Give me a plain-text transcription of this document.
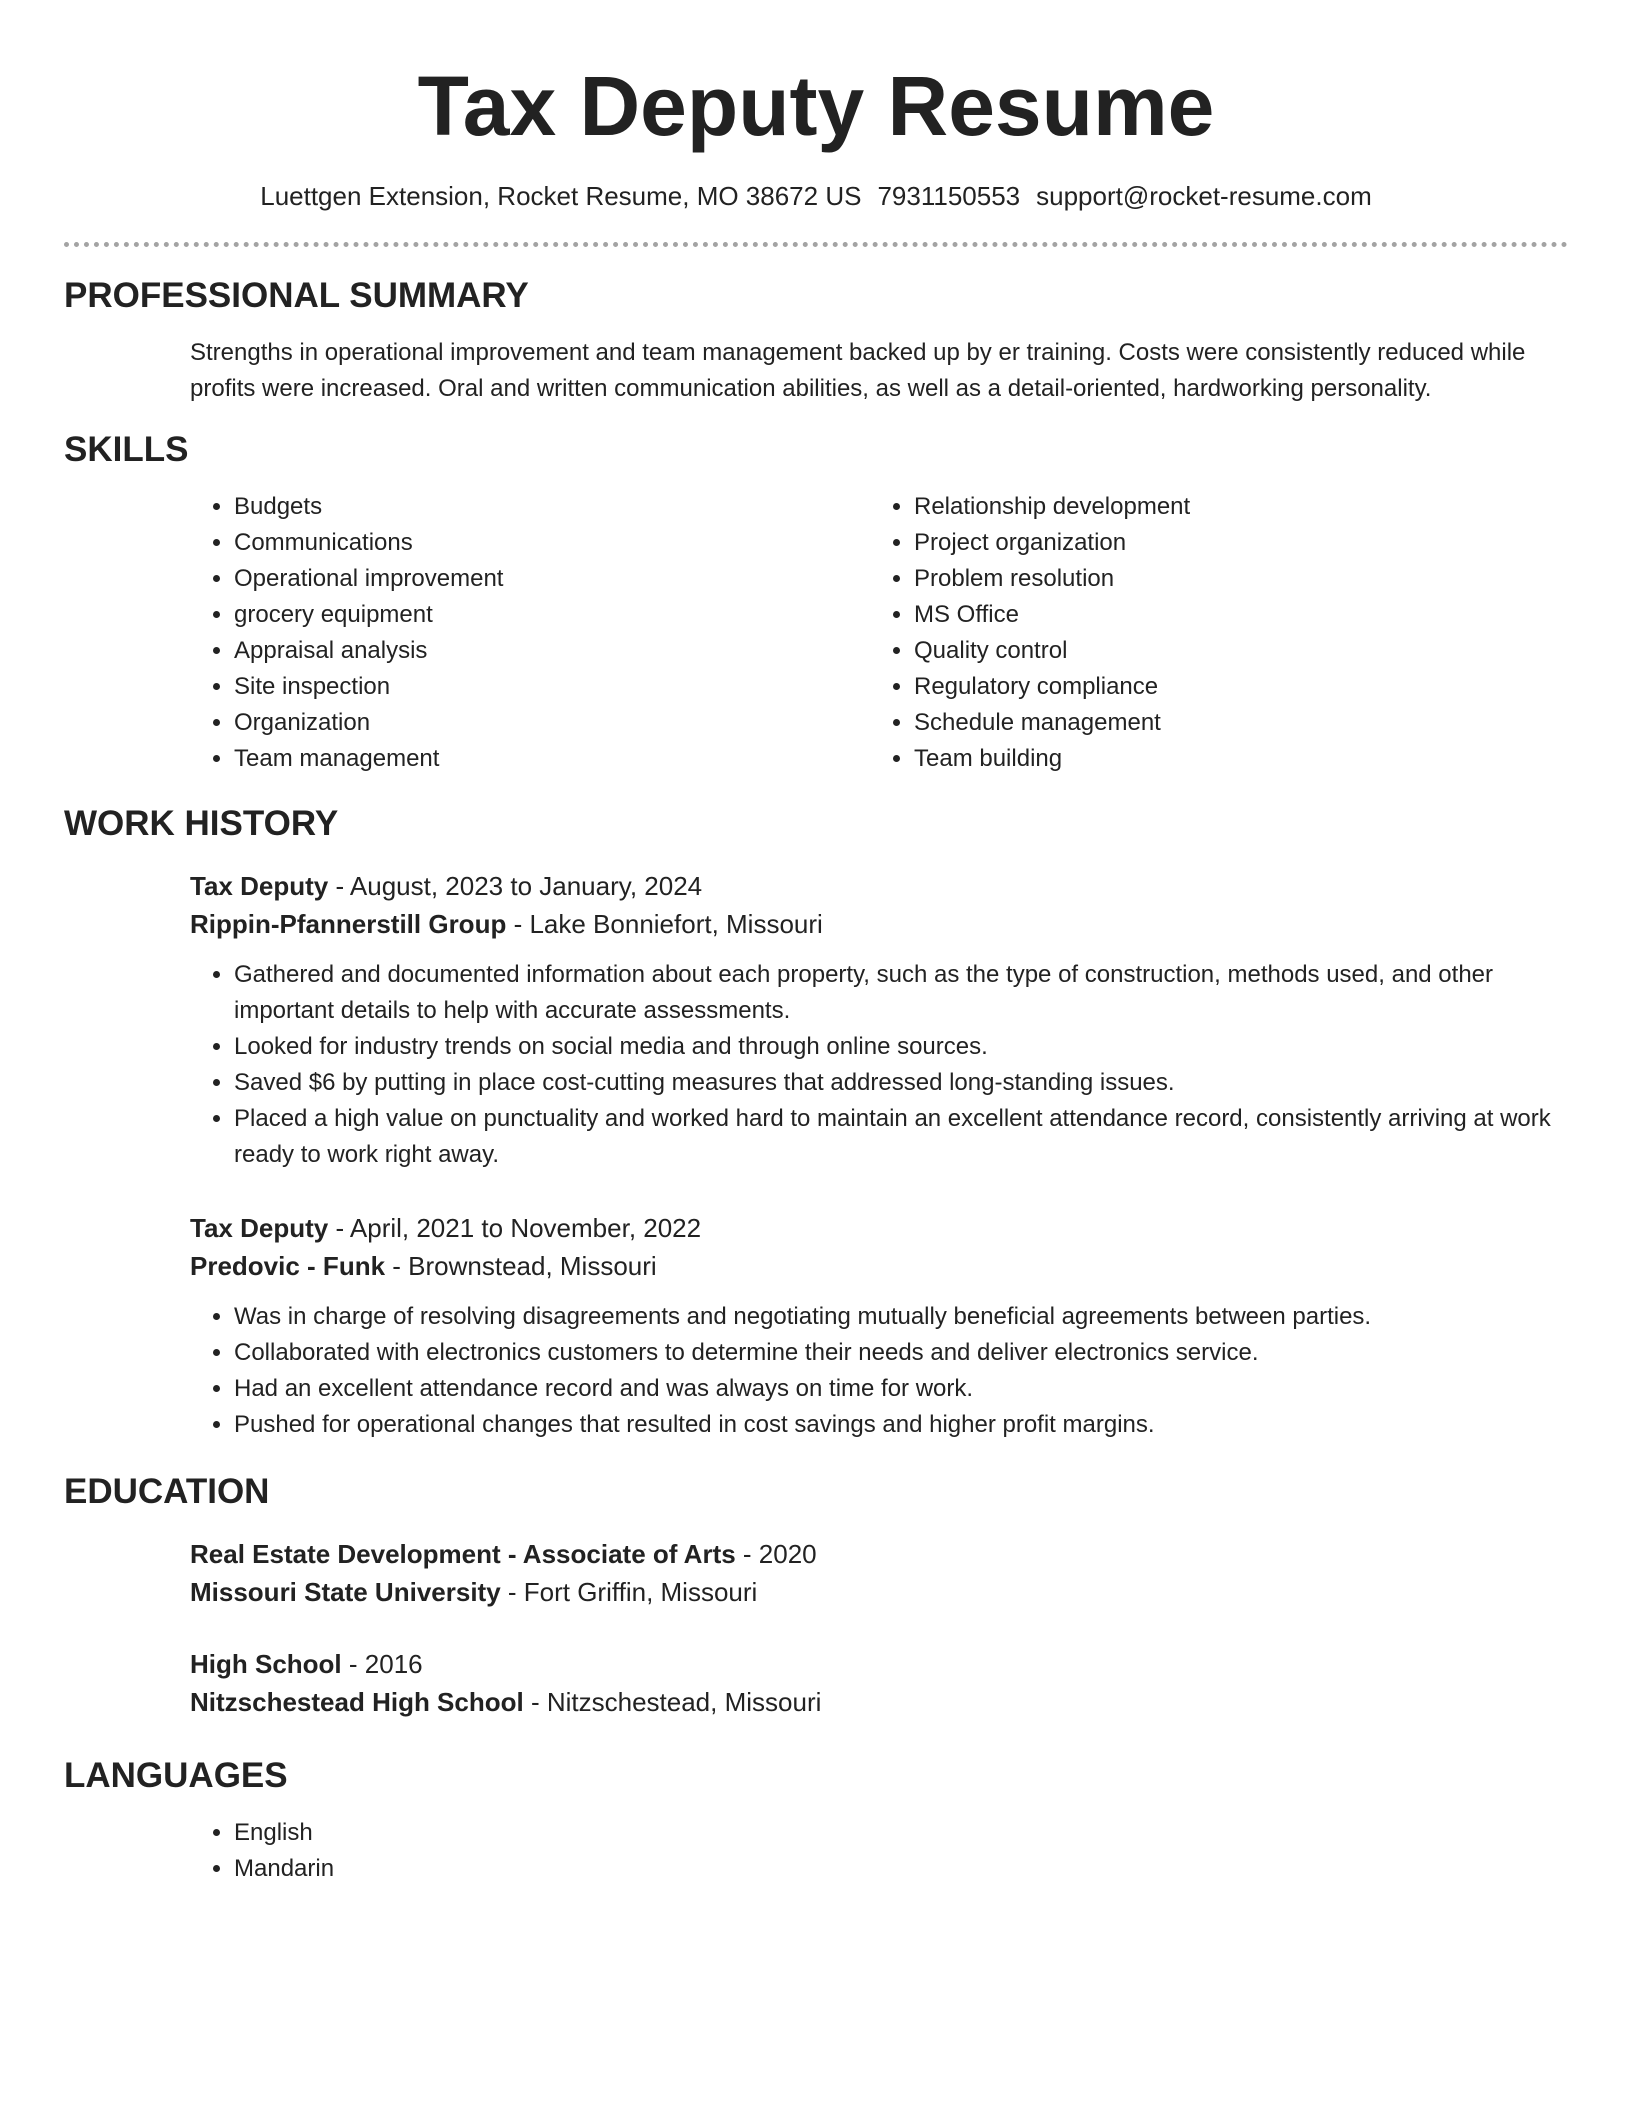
Tax Deputy Resume
Luettgen Extension, Rocket Resume, MO 38672 US 7931150553 support@rocket-resume.com
PROFESSIONAL SUMMARY
Strengths in operational improvement and team management backed up by er training. Costs were consistently reduced while profits were increased. Oral and written communication abilities, as well as a detail-oriented, hardworking personality.
SKILLS
• Budgets
• Communications
• Operational improvement
• grocery equipment
• Appraisal analysis
• Site inspection
• Organization
• Team management
• Relationship development
• Project organization
• Problem resolution
• MS Office
• Quality control
• Regulatory compliance
• Schedule management
• Team building
WORK HISTORY
Tax Deputy - August, 2023 to January, 2024
Rippin-Pfannerstill Group - Lake Bonniefort, Missouri
• Gathered and documented information about each property, such as the type of construction, methods used, and other important details to help with accurate assessments.
• Looked for industry trends on social media and through online sources.
• Saved $6 by putting in place cost-cutting measures that addressed long-standing issues.
• Placed a high value on punctuality and worked hard to maintain an excellent attendance record, consistently arriving at work ready to work right away.
Tax Deputy - April, 2021 to November, 2022
Predovic - Funk - Brownstead, Missouri
• Was in charge of resolving disagreements and negotiating mutually beneficial agreements between parties.
• Collaborated with electronics customers to determine their needs and deliver electronics service.
• Had an excellent attendance record and was always on time for work.
• Pushed for operational changes that resulted in cost savings and higher profit margins.
EDUCATION
Real Estate Development - Associate of Arts - 2020
Missouri State University - Fort Griffin, Missouri
High School - 2016
Nitzschestead High School - Nitzschestead, Missouri
LANGUAGES
• English
• Mandarin
